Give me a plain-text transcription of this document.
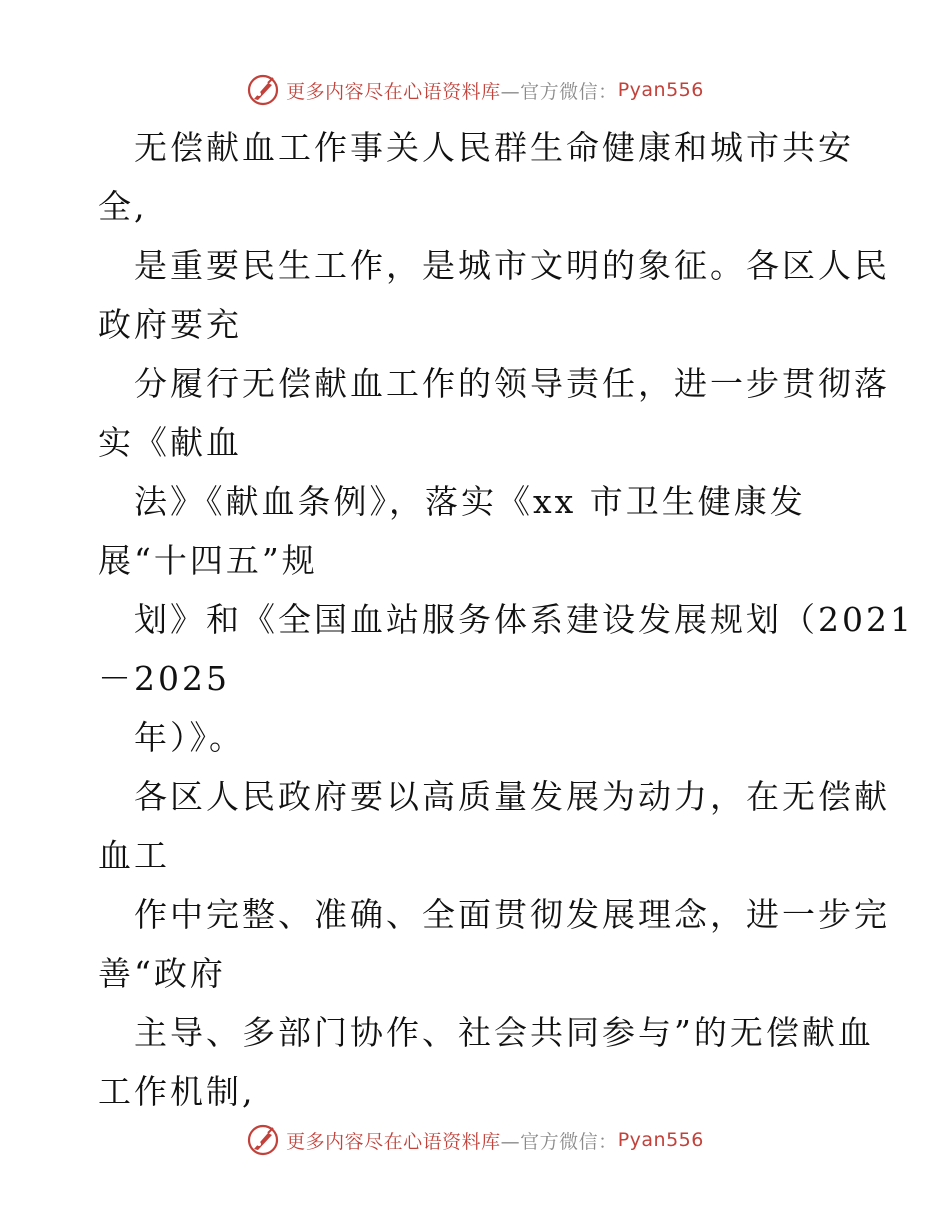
更多内容尽在心语资料库 —官方微信： Pyan556
无偿献血工作事关人民群生命健康和城市共安
全,
是重要民生工作，是城市文明的象征。各区人民
政府要充
分履行无偿献血工作的领导责任，进一步贯彻落
实《献血
法》《献血条例》，落实《xx 市卫生健康发
展“十四五”规
划》和《全国血站服务体系建设发展规划（2021
－2025
年）》。
各区人民政府要以高质量发展为动力，在无偿献
血工
作中完整、准确、全面贯彻发展理念，进一步完
善“政府
主导、多部门协作、社会共同参与”的无偿献血
工作机制,
更多内容尽在心语资料库 —官方微信： Pyan556
